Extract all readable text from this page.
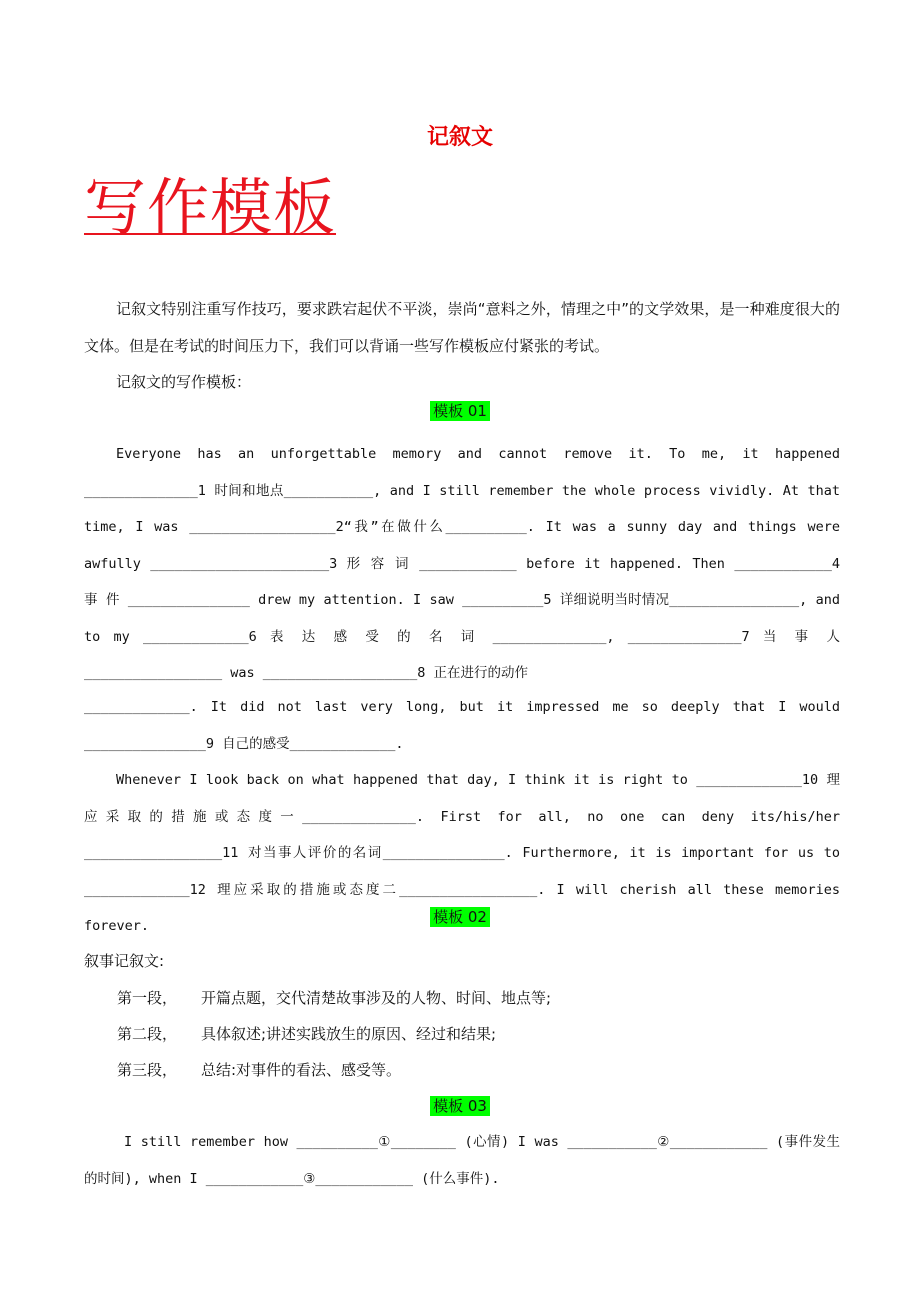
记叙文
写作模板
记叙文特别注重写作技巧，要求跌宕起伏不平淡，崇尚“意料之外，情理之中”的文学效果，是一种难度很大的文体。但是在考试的时间压力下，我们可以背诵一些写作模板应付紧张的考试。
记叙文的写作模板：
模板 01
Everyone has an unforgettable memory and cannot remove it. To me, it happened ______________1 时间和地点___________, and I still remember the whole process vividly. At that time, I was __________________2“我”在做什么__________. It was a sunny day and things were awfully ______________________3 形 容 词 ____________ before it happened. Then ____________4 事 件 _______________ drew my attention. I saw __________5 详细说明当时情况________________, and to my _____________6 表 达 感 受 的 名 词 ______________, ______________7 当 事 人 _________________ was ___________________8 正在进行的动作
_____________. It did not last very long, but it impressed me so deeply that I would _______________9 自己的感受_____________.
Whenever I look back on what happened that day, I think it is right to _____________10 理应采取的措施或态度一______________. First for all, no one can deny its/his/her _________________11 对当事人评价的名词_______________. Furthermore, it is important for us to _____________12 理应采取的措施或态度二_________________. I will cherish all these memories forever.	模板 02
叙事记叙文:
第一段， 开篇点题，交代清楚故事涉及的人物、时间、地点等;
第二段， 具体叙述;讲述实践放生的原因、经过和结果;
第三段， 总结:对事件的看法、感受等。
模板 03
I still remember how __________①________ (心情) I was ___________②____________ (事件发生的时间), when I ____________③____________ (什么事件).
